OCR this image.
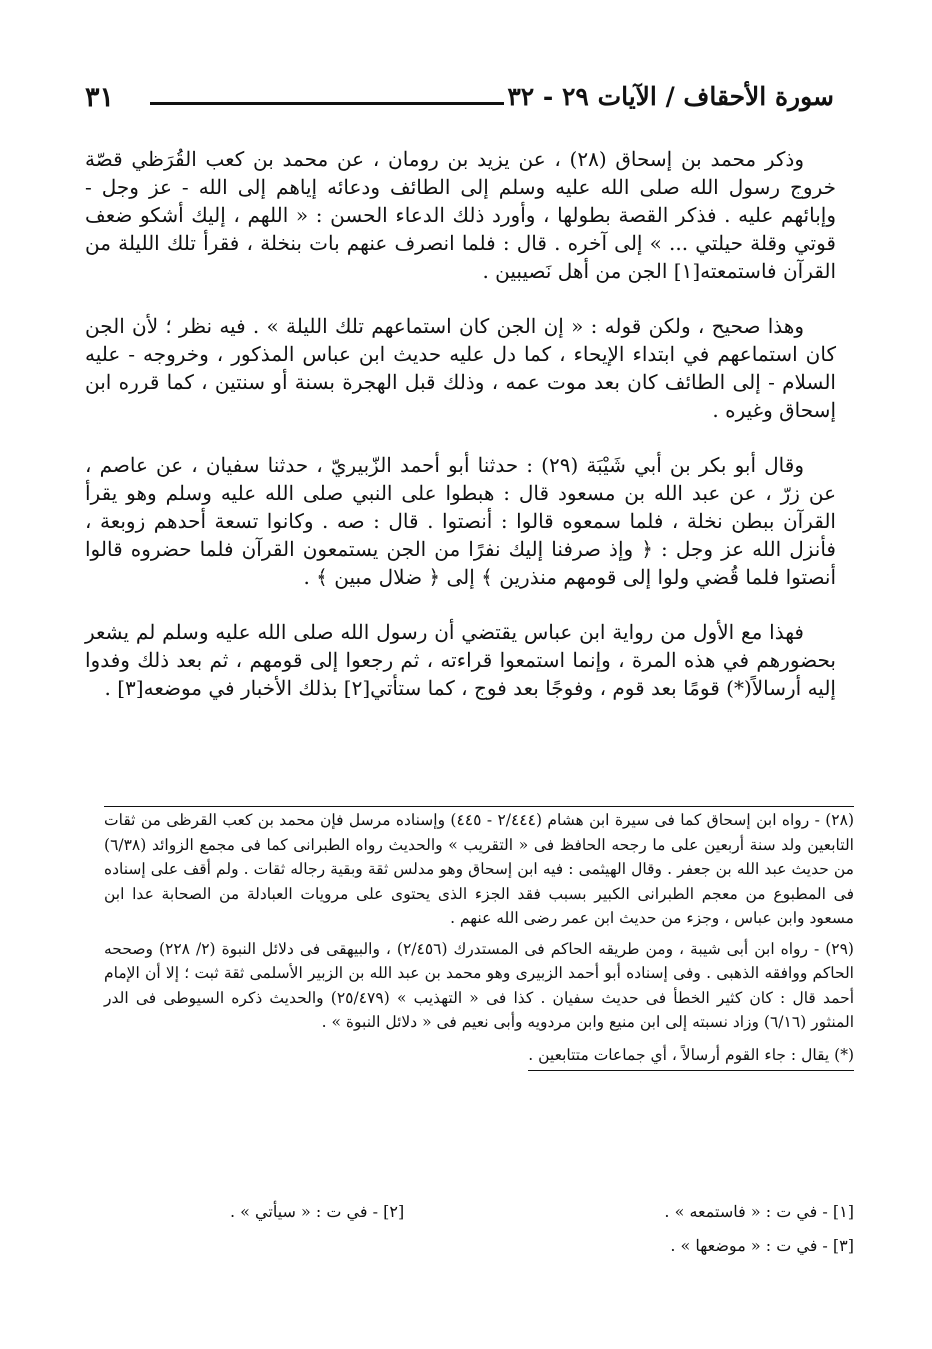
٣١	سورة الأحقاف / الآيات ٢٩ - ٣٢

وذكر محمد بن إسحاق (٢٨) ، عن يزيد بن رومان ، عن محمد بن كعب القُرَظي قصّة خروج رسول الله صلى الله عليه وسلم إلى الطائف ودعائه إياهم إلى الله - عز وجل - وإبائهم عليه . فذكر القصة بطولها ، وأورد ذلك الدعاء الحسن : « اللهم ، إليك أشكو ضعف قوتي وقلة حيلتي ... » إلى آخره . قال : فلما انصرف عنهم بات بنخلة ، فقرأ تلك الليلة من القرآن فاستمعته[١] الجن من أهل نَصيبين .

وهذا صحيح ، ولكن قوله : « إن الجن كان استماعهم تلك الليلة » . فيه نظر ؛ لأن الجن كان استماعهم في ابتداء الإيحاء ، كما دل عليه حديث ابن عباس المذكور ، وخروجه - عليه السلام - إلى الطائف كان بعد موت عمه ، وذلك قبل الهجرة بسنة أو سنتين ، كما قرره ابن إسحاق وغيره .

وقال أبو بكر بن أبي شَيْبَة (٢٩) : حدثنا أبو أحمد الزّبيريّ ، حدثنا سفيان ، عن عاصم ، عن زرّ ، عن عبد الله بن مسعود قال : هبطوا على النبي صلى الله عليه وسلم وهو يقرأ القرآن ببطن نخلة ، فلما سمعوه قالوا : أنصتوا . قال : صه . وكانوا تسعة أحدهم زوبعة ، فأنزل الله عز وجل : ﴿ وإذ صرفنا إليك نفرًا من الجن يستمعون القرآن فلما حضروه قالوا أنصتوا فلما قُضي ولوا إلى قومهم منذرين ﴾ إلى ﴿ ضلال مبين ﴾ .

فهذا مع الأول من رواية ابن عباس يقتضي أن رسول الله صلى الله عليه وسلم لم يشعر بحضورهم في هذه المرة ، وإنما استمعوا قراءته ، ثم رجعوا إلى قومهم ، ثم بعد ذلك وفدوا إليه أرسالاً(*) قومًا بعد قوم ، وفوجًا بعد فوج ، كما ستأتي[٢] بذلك الأخبار في موضعه[٣] .

(٢٨) - رواه ابن إسحاق كما فى سيرة ابن هشام (٢/٤٤٤ - ٤٤٥) وإسناده مرسل فإن محمد بن كعب القرظى من ثقات التابعين ولد سنة أربعين على ما رجحه الحافظ فى « التقريب » والحديث رواه الطبرانى كما فى مجمع الزوائد (٦/٣٨) من حديث عبد الله بن جعفر . وقال الهيثمى : فيه ابن إسحاق وهو مدلس ثقة وبقية رجاله ثقات . ولم أقف على إسناده فى المطبوع من معجم الطبرانى الكبير بسبب فقد الجزء الذى يحتوى على مرويات العبادلة من الصحابة عدا ابن مسعود وابن عباس ، وجزء من حديث ابن عمر رضى الله عنهم .

(٢٩) - رواه ابن أبى شيبة ، ومن طريقه الحاكم فى المستدرك (٢/٤٥٦) ، والبيهقى فى دلائل النبوة (٢/ ٢٢٨) وصححه الحاكم ووافقه الذهبى . وفى إسناده أبو أحمد الزبيرى وهو محمد بن عبد الله بن الزبير الأسلمى ثقة ثبت ؛ إلا أن الإمام أحمد قال : كان كثير الخطأ فى حديث سفيان . كذا فى « التهذيب » (٢٥/٤٧٩) والحديث ذكره السيوطى فى الدر المنثور (٦/١٦) وزاد نسبته إلى ابن منيع وابن مردويه وأبى نعيم فى « دلائل النبوة » .

(*) يقال : جاء القوم أرسالاً ، أي جماعات متتابعين .

[١] - في ت : « فاستمعه » .
[٢] - في ت : « سيأتي » .
[٣] - في ت : « موضعها » .
